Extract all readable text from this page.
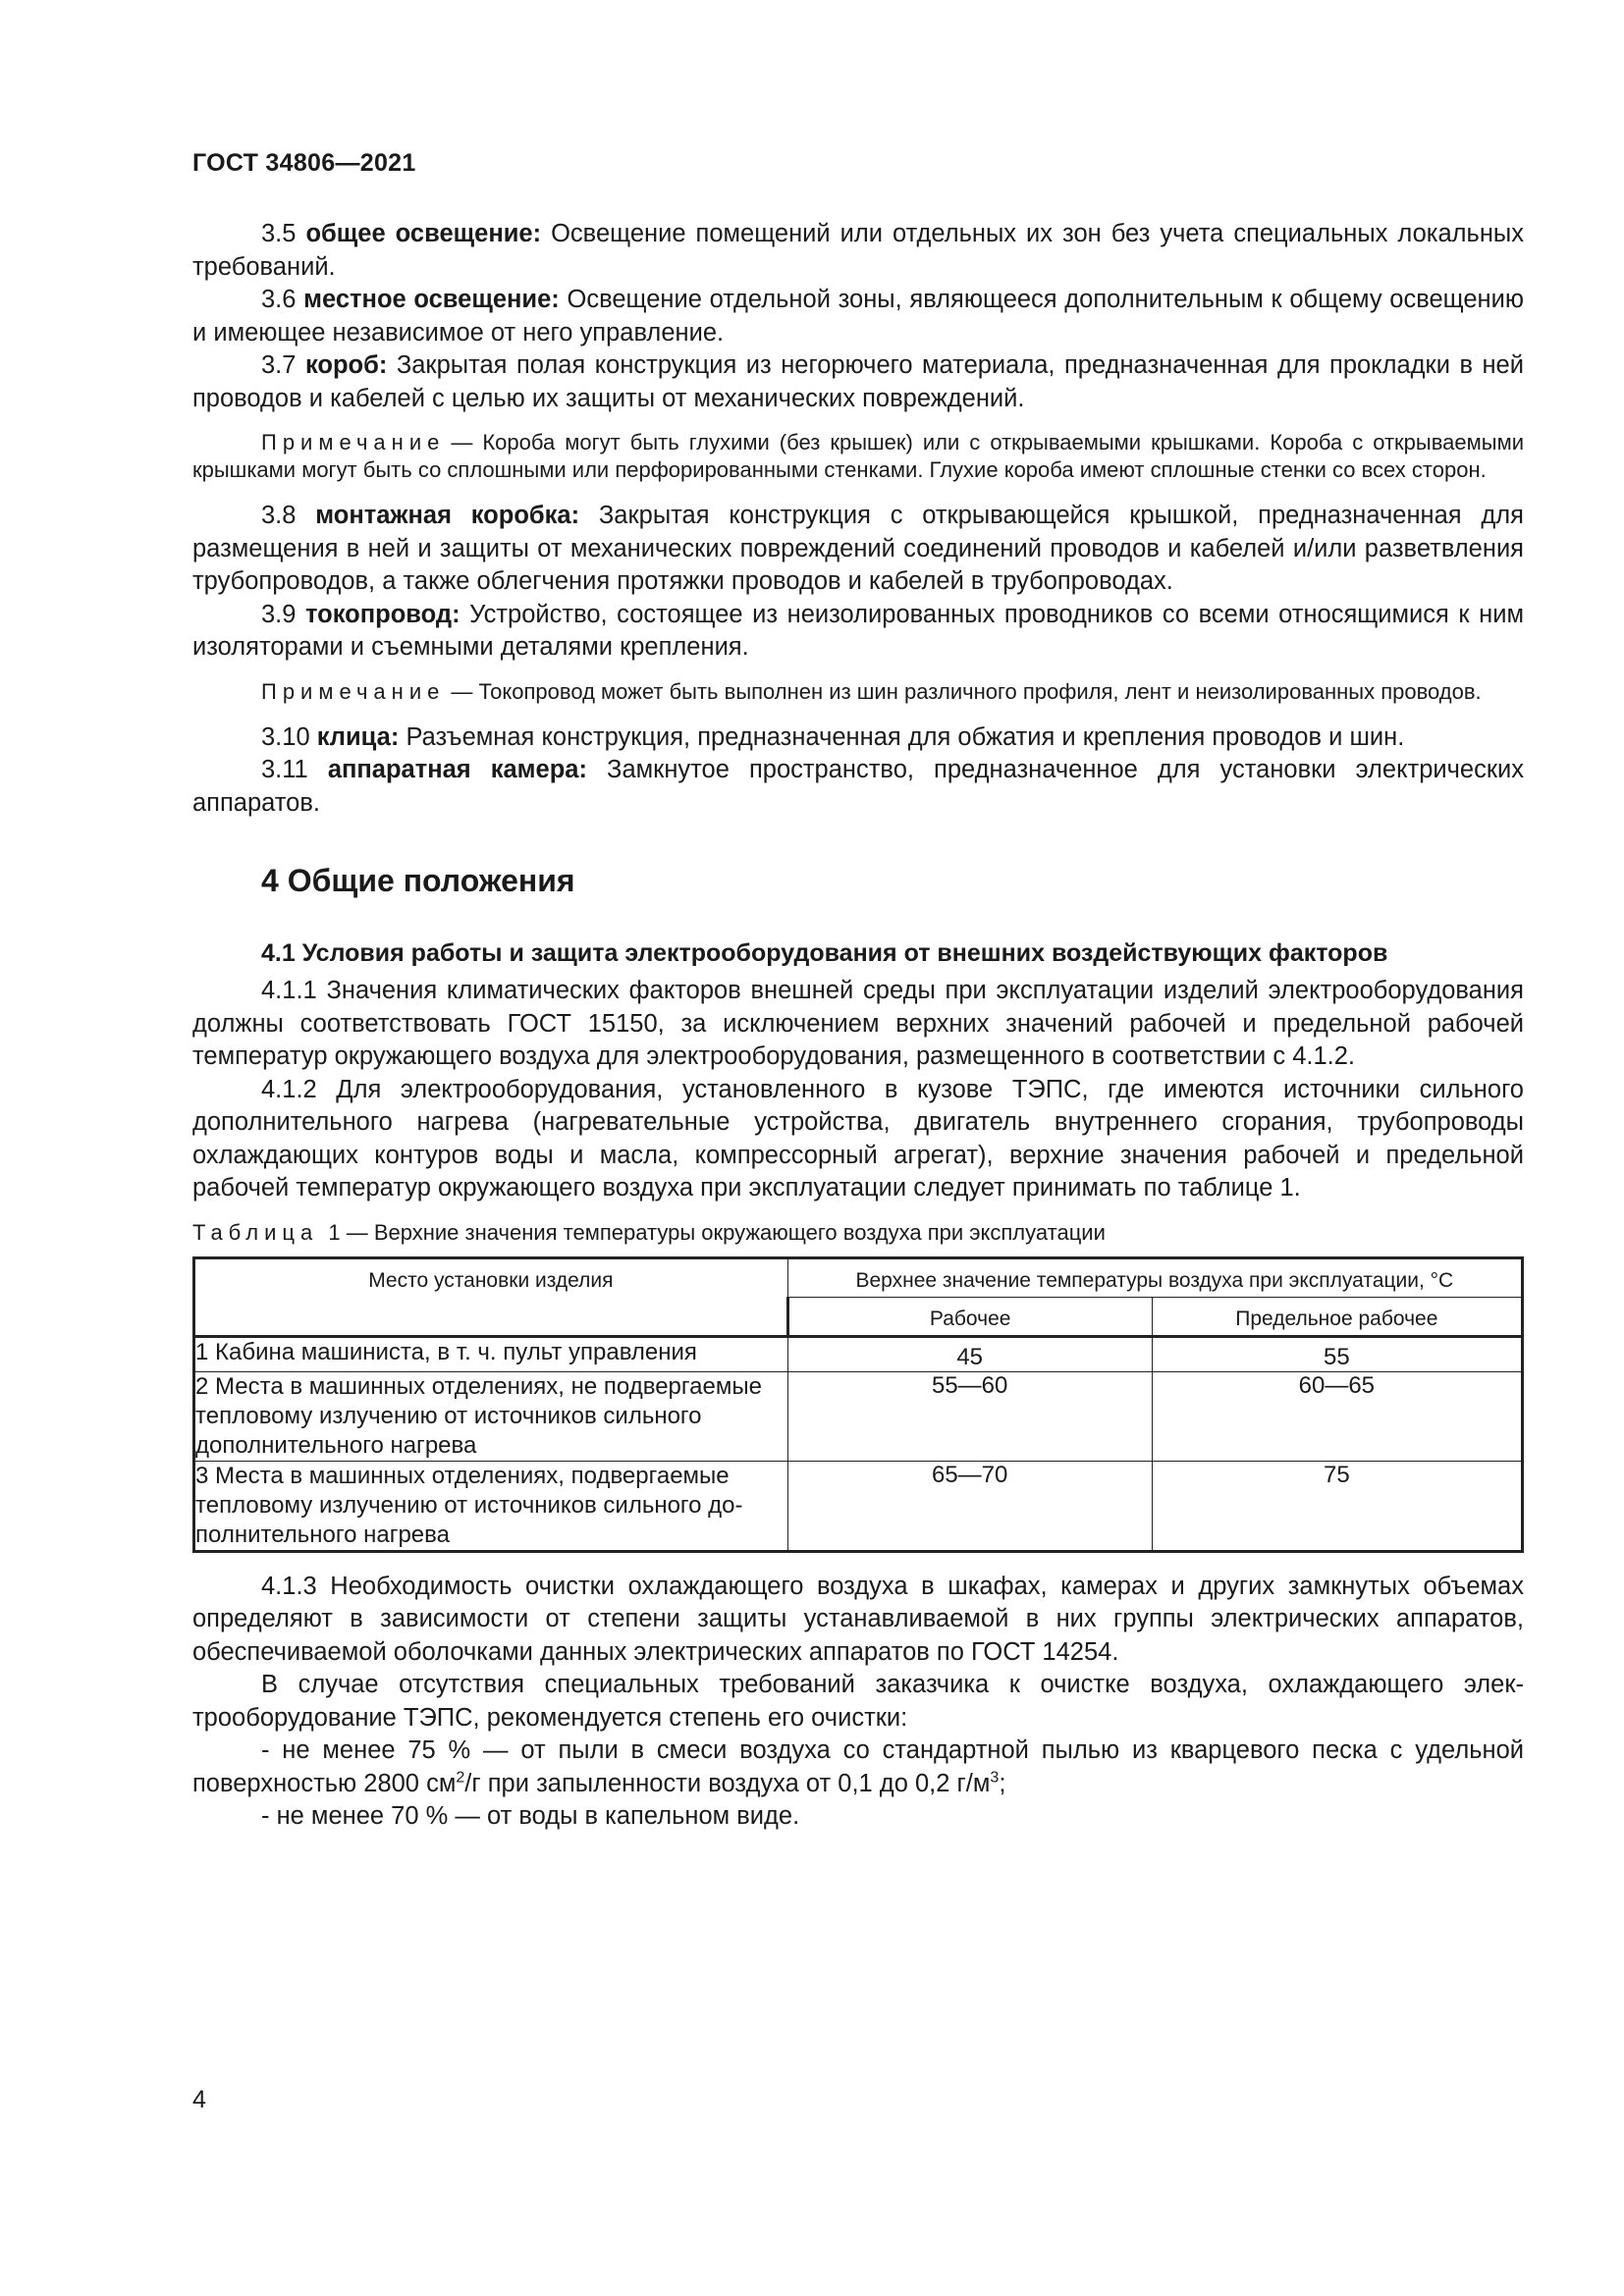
ГОСТ 34806—2021

3.5 общее освещение: Освещение помещений или отдельных их зон без учета специальных локальных требований.

3.6 местное освещение: Освещение отдельной зоны, являющееся дополнительным к общему освещению и имеющее независимое от него управление.

3.7 короб: Закрытая полая конструкция из негорючего материала, предназначенная для прокладки в ней проводов и кабелей с целью их защиты от механических повреждений.

Примечание — Короба могут быть глухими (без крышек) или с открываемыми крышками. Короба с открываемыми крышками могут быть со сплошными или перфорированными стенками. Глухие короба имеют сплошные стенки со всех сторон.

3.8 монтажная коробка: Закрытая конструкция с открывающейся крышкой, предназначенная для размещения в ней и защиты от механических повреждений соединений проводов и кабелей и/или разветвления трубопроводов, а также облегчения протяжки проводов и кабелей в трубопроводах.

3.9 токопровод: Устройство, состоящее из неизолированных проводников со всеми относящимися к ним изоляторами и съемными деталями крепления.

Примечание — Токопровод может быть выполнен из шин различного профиля, лент и неизолированных проводов.

3.10 клица: Разъемная конструкция, предназначенная для обжатия и крепления проводов и шин.

3.11 аппаратная камера: Замкнутое пространство, предназначенное для установки электрических аппаратов.

4 Общие положения
4.1 Условия работы и защита электрооборудования от внешних воздействующих факторов

4.1.1 Значения климатических факторов внешней среды при эксплуатации изделий электрооборудования должны соответствовать ГОСТ 15150, за исключением верхних значений рабочей и предельной рабочей температур окружающего воздуха для электрооборудования, размещенного в соответствии с 4.1.2.

4.1.2 Для электрооборудования, установленного в кузове ТЭПС, где имеются источники сильного дополнительного нагрева (нагревательные устройства, двигатель внутреннего сгорания, трубопроводы охлаждающих контуров воды и масла, компрессорный агрегат), верхние значения рабочей и предельной рабочей температур окружающего воздуха при эксплуатации следует принимать по таблице 1.

Таблица 1 — Верхние значения температуры окружающего воздуха при эксплуатации
Место установки изделия	Верхнее значение температуры воздуха при эксплуатации, °С	
	Рабочее	Предельное рабочее
1 Кабина машиниста, в т. ч. пульт управления	45	55
2 Места в машинных отделениях, не подвергаемые тепловому излучению от источников сильного дополнительного нагрева	55—60	60—65
3 Места в машинных отделениях, подвергаемые тепловому излучению от источников сильного дополнительного нагрева	65—70	75

4.1.3 Необходимость очистки охлаждающего воздуха в шкафах, камерах и других замкнутых объемах определяют в зависимости от степени защиты устанавливаемой в них группы электрических аппаратов, обеспечиваемой оболочками данных электрических аппаратов по ГОСТ 14254.

В случае отсутствия специальных требований заказчика к очистке воздуха, охлаждающего электрооборудование ТЭПС, рекомендуется степень его очистки:

- не менее 75 % — от пыли в смеси воздуха со стандартной пылью из кварцевого песка с удельной поверхностью 2800 $см^2/г$ при запыленности воздуха от 0,1 до 0,2 $г/м^3$;

- не менее 70 % — от воды в капельном виде.

4
